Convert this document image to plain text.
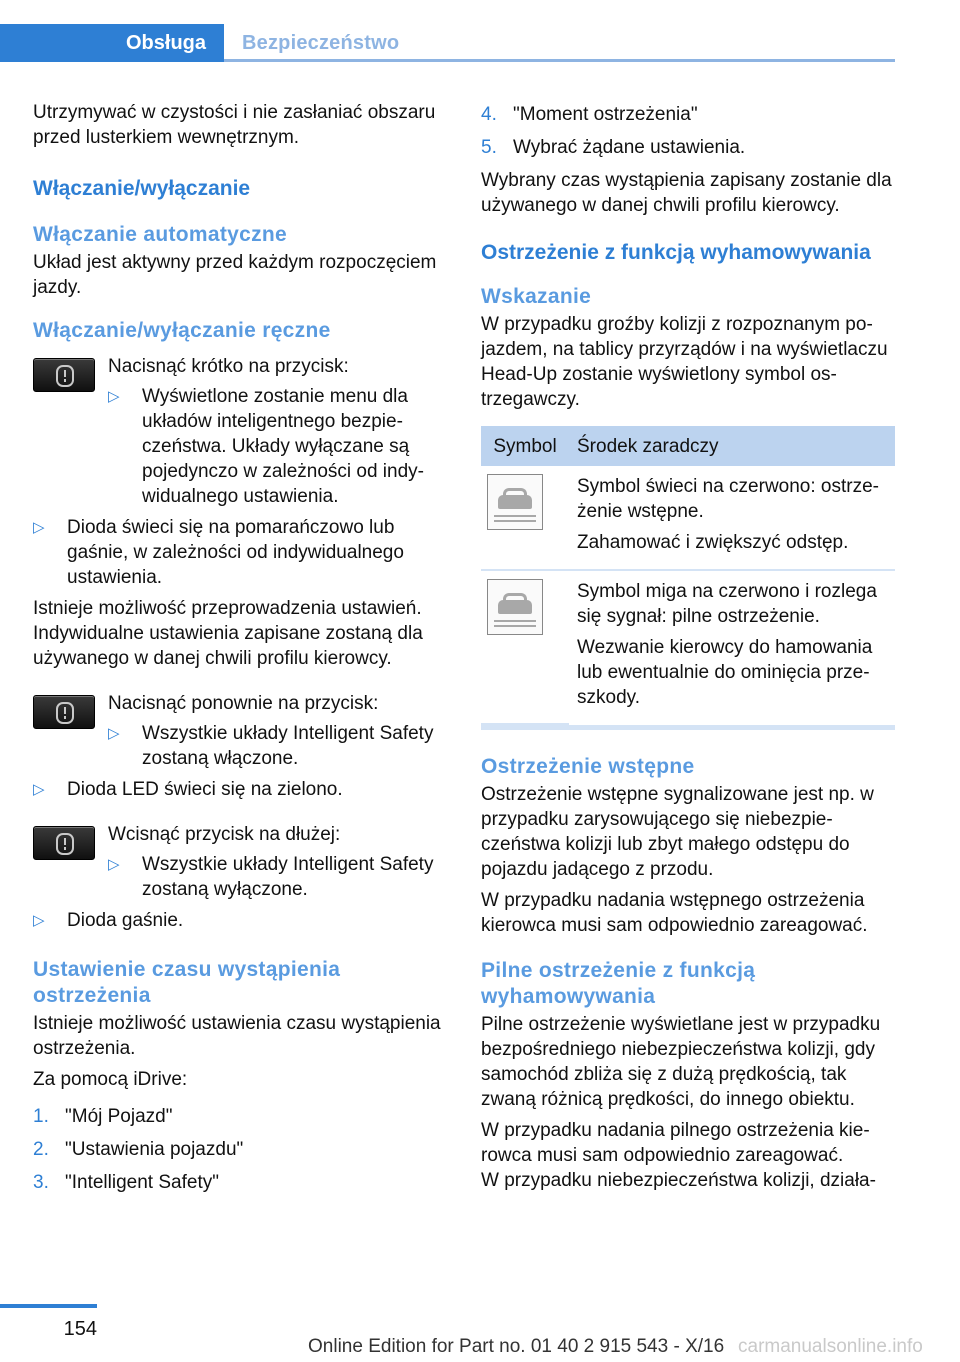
Obsługa	Bezpieczeństwo

Utrzymywać w czystości i nie zasłaniać obszaru przed lusterkiem wewnętrznym.

Włączanie/wyłączanie
Włączanie automatyczne

Układ jest aktywny przed każdym rozpoczęciem jazdy.

Włączanie/wyłączanie ręczne
Nacisnąć krótko na przycisk:
▷ Wyświetlone zostanie menu dla układów inteligentnego bezpieczeństwa. Układy wyłączane są pojedynczo w zależności od indywidualnego ustawienia.
▷ Dioda świeci się na pomarańczowo lub gaśnie, w zależności od indywidualnego ustawienia.

Istnieje możliwość przeprowadzenia ustawień. Indywidualne ustawienia zapisane zostaną dla używanego w danej chwili profilu kierowcy.

Nacisnąć ponownie na przycisk:
▷ Wszystkie układy Intelligent Safety zostaną włączone.
▷ Dioda LED świeci się na zielono.
Wcisnąć przycisk na dłużej:
▷ Wszystkie układy Intelligent Safety zostaną wyłączone.
▷ Dioda gaśnie.
Ustawienie czasu wystąpienia ostrzeżenia

Istnieje możliwość ustawienia czasu wystąpienia ostrzeżenia.

Za pomocą iDrive:

1. "Mój Pojazd"
2. "Ustawienia pojazdu"
3. "Intelligent Safety"
4. "Moment ostrzeżenia"
5. Wybrać żądane ustawienia.

Wybrany czas wystąpienia zapisany zostanie dla używanego w danej chwili profilu kierowcy.

Ostrzeżenie z funkcją wyhamowywania
Wskazanie

W przypadku groźby kolizji z rozpoznanym pojazdem, na tablicy przyrządów i na wyświetlaczu Head-Up zostanie wyświetlony symbol ostrzegawczy.

Symbol	Środek zaradczy

	Symbol świeci na czerwono: ostrzeżenie wstępne.

Zahamować i zwiększyć odstęp.

	Symbol miga na czerwono i rozlega się sygnał: pilne ostrzeżenie.

Wezwanie kierowcy do hamowania lub ewentualnie do ominięcia przeszkody.

Ostrzeżenie wstępne

Ostrzeżenie wstępne sygnalizowane jest np. w przypadku zarysowującego się niebezpieczeństwa kolizji lub zbyt małego odstępu do pojazdu jadącego z przodu.

W przypadku nadania wstępnego ostrzeżenia kierowca musi sam odpowiednio zareagować.

Pilne ostrzeżenie z funkcją wyhamowywania

Pilne ostrzeżenie wyświetlane jest w przypadku bezpośredniego niebezpieczeństwa kolizji, gdy samochód zbliża się z dużą prędkością, tak zwaną różnicą prędkości, do innego obiektu.

W przypadku nadania pilnego ostrzeżenia kierowca musi sam odpowiednio zareagować.

W przypadku niebezpieczeństwa kolizji, działa-

154
Online Edition for Part no. 01 40 2 915 543 - X/16 carmanualsonline.info
